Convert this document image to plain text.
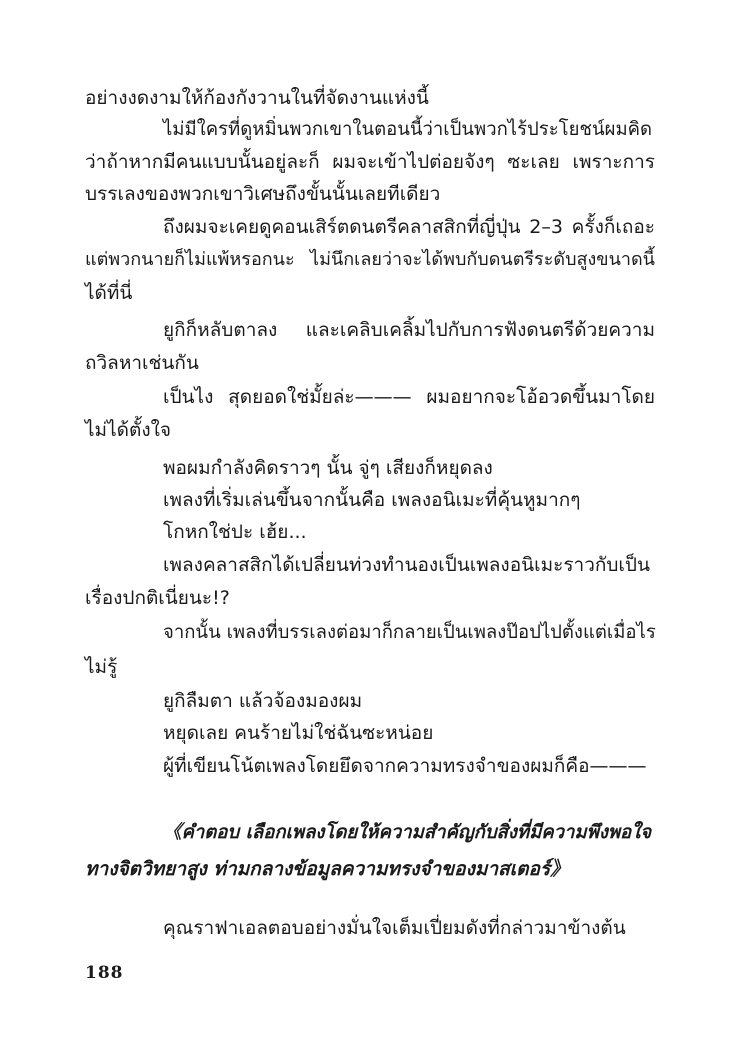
อย่างงดงามให้ก้องกังวานในที่จัดงานแห่งนี้
ไม่มีใครที่ดูหมิ่นพวกเขาในตอนนี้ว่าเป็นพวกไร้ประโยชน์ผมคิด
ว่าถ้าหากมีคนแบบนั้นอยู่ละก็ ผมจะเข้าไปต่อยจังๆ ซะเลย เพราะการ
บรรเลงของพวกเขาวิเศษถึงขั้นนั้นเลยทีเดียว
ถึงผมจะเคยดูคอนเสิร์ตดนตรีคลาสสิกที่ญี่ปุ่น 2–3 ครั้งก็เถอะ
แต่พวกนายก็ไม่แพ้หรอกนะ ไม่นึกเลยว่าจะได้พบกับดนตรีระดับสูงขนาดนี้
ได้ที่นี่
ยูกิก็หลับตาลง และเคลิบเคลิ้มไปกับการฟังดนตรีด้วยความ
ถวิลหาเช่นกัน
เป็นไง สุดยอดใช่มั้ยล่ะ——— ผมอยากจะโอ้อวดขึ้นมาโดย
ไม่ได้ตั้งใจ
พอผมกำลังคิดราวๆ นั้น จู่ๆ เสียงก็หยุดลง
เพลงที่เริ่มเล่นขึ้นจากนั้นคือ เพลงอนิเมะที่คุ้นหูมากๆ
โกหกใช่ปะ เฮ้ย...
เพลงคลาสสิกได้เปลี่ยนท่วงทำนองเป็นเพลงอนิเมะราวกับเป็น
เรื่องปกติเนี่ยนะ!?
จากนั้น เพลงที่บรรเลงต่อมาก็กลายเป็นเพลงป๊อปไปตั้งแต่เมื่อไร
ไม่รู้
ยูกิลืมตา แล้วจ้องมองผม
หยุดเลย คนร้ายไม่ใช่ฉันซะหน่อย
ผู้ที่เขียนโน้ตเพลงโดยยึดจากความทรงจำของผมก็คือ———
《คำตอบ เลือกเพลงโดยให้ความสำคัญกับสิ่งที่มีความพึงพอใจ
ทางจิตวิทยาสูง ท่ามกลางข้อมูลความทรงจำของมาสเตอร์》
คุณราฟาเอลตอบอย่างมั่นใจเต็มเปี่ยมดังที่กล่าวมาข้างต้น
188
